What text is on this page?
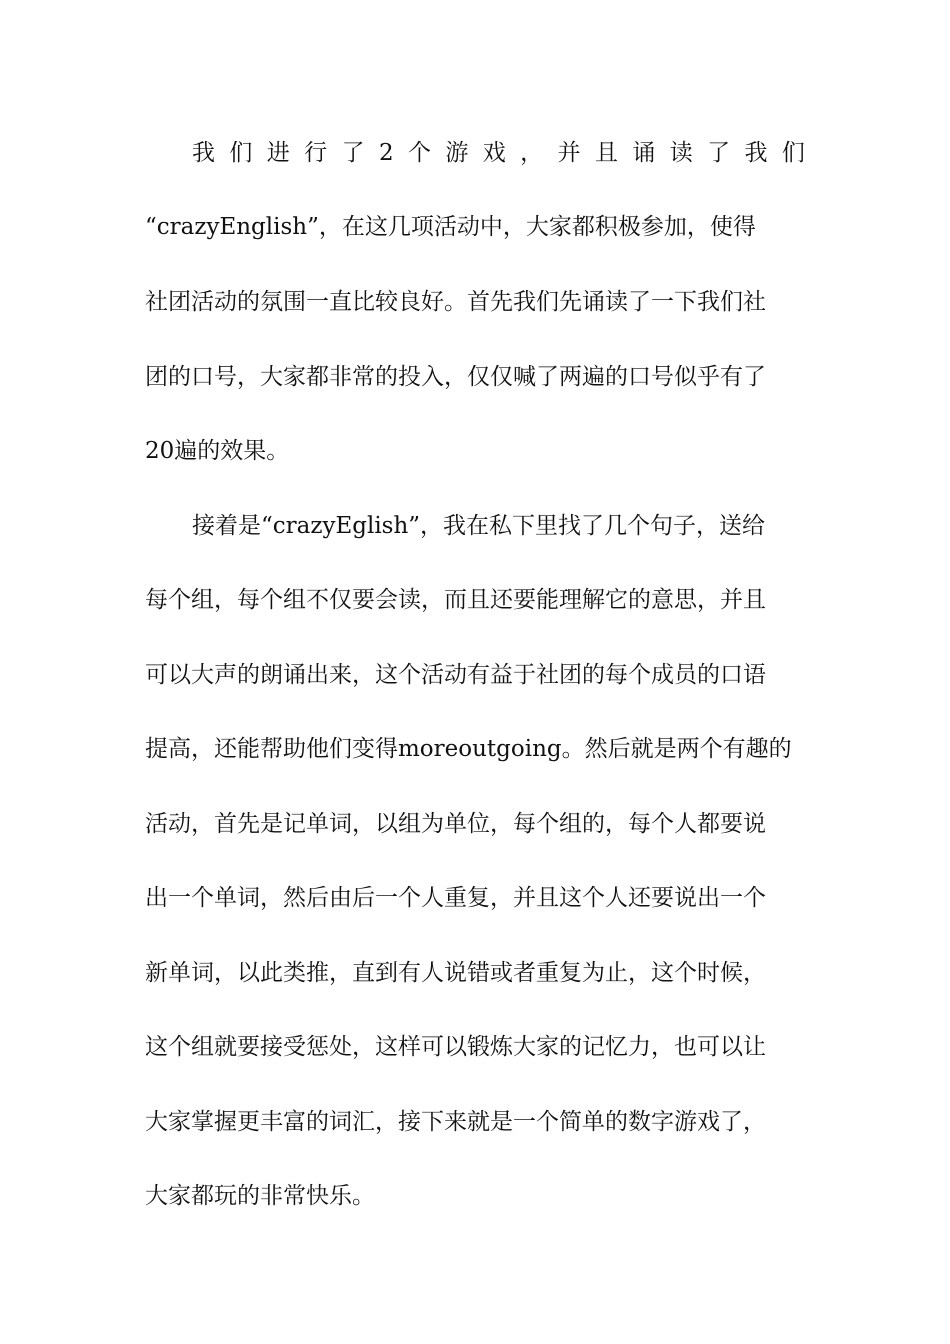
我 们 进 行 了 2 个 游 戏 ， 并 且 诵 读 了 我 们
“crazyEnglish”，在这几项活动中，大家都积极参加，使得
社团活动的氛围一直比较良好。首先我们先诵读了一下我们社
团的口号，大家都非常的投入，仅仅喊了两遍的口号似乎有了
20遍的效果。
接着是“crazyEglish”，我在私下里找了几个句子，送给
每个组，每个组不仅要会读，而且还要能理解它的意思，并且
可以大声的朗诵出来，这个活动有益于社团的每个成员的口语
提高，还能帮助他们变得moreoutgoing。然后就是两个有趣的
活动，首先是记单词，以组为单位，每个组的，每个人都要说
出一个单词，然后由后一个人重复，并且这个人还要说出一个
新单词，以此类推，直到有人说错或者重复为止，这个时候，
这个组就要接受惩处，这样可以锻炼大家的记忆力，也可以让
大家掌握更丰富的词汇，接下来就是一个简单的数字游戏了，
大家都玩的非常快乐。
